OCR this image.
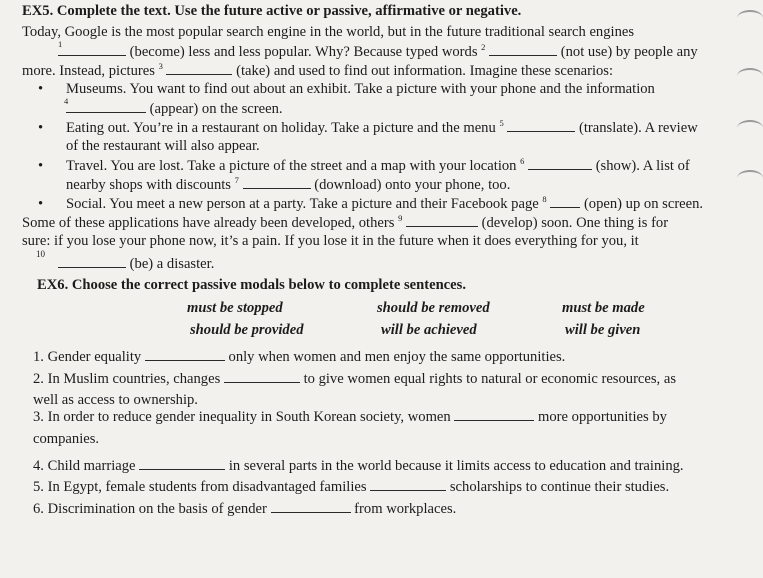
EX5. Complete the text. Use the future active or passive, affirmative or negative.
Today, Google is the most popular search engine in the world, but in the future traditional search engines
1	(become) less and less popular. Why? Because typed words $^2$	(not use) by people any
more. Instead, pictures $^3$	(take) and used to find out information. Imagine these scenarios:
• Museums. You want to find out about an exhibit. Take a picture with your phone and the information
4	(appear) on the screen.
• Eating out. You’re in a restaurant on holiday. Take a picture and the menu $^5$	(translate). A review
of the restaurant will also appear.
• Travel. You are lost. Take a picture of the street and a map with your location $^6$	(show). A list of
nearby shops with discounts $^7$	(download) onto your phone, too.
• Social. You meet a new person at a party. Take a picture and their Facebook page $^8$	(open) up on screen.
Some of these applications have already been developed, others $^9$	(develop) soon. One thing is for
sure: if you lose your phone now, it’s a pain. If you lose it in the future when it does everything for you, it
10
(be) a disaster.
EX6. Choose the correct passive modals below to complete sentences.
must be stopped	should be removed	must be made
should be provided	will be achieved	will be given
1. Gender equality	only when women and men enjoy the same opportunities.
2. In Muslim countries, changes	to give women equal rights to natural or economic resources, as
well as access to ownership.
3. In order to reduce gender inequality in South Korean society, women	more opportunities by
companies.
4. Child marriage	in several parts in the world because it limits access to education and training.
5. In Egypt, female students from disadvantaged families	scholarships to continue their studies.
6. Discrimination on the basis of gender	from workplaces.
